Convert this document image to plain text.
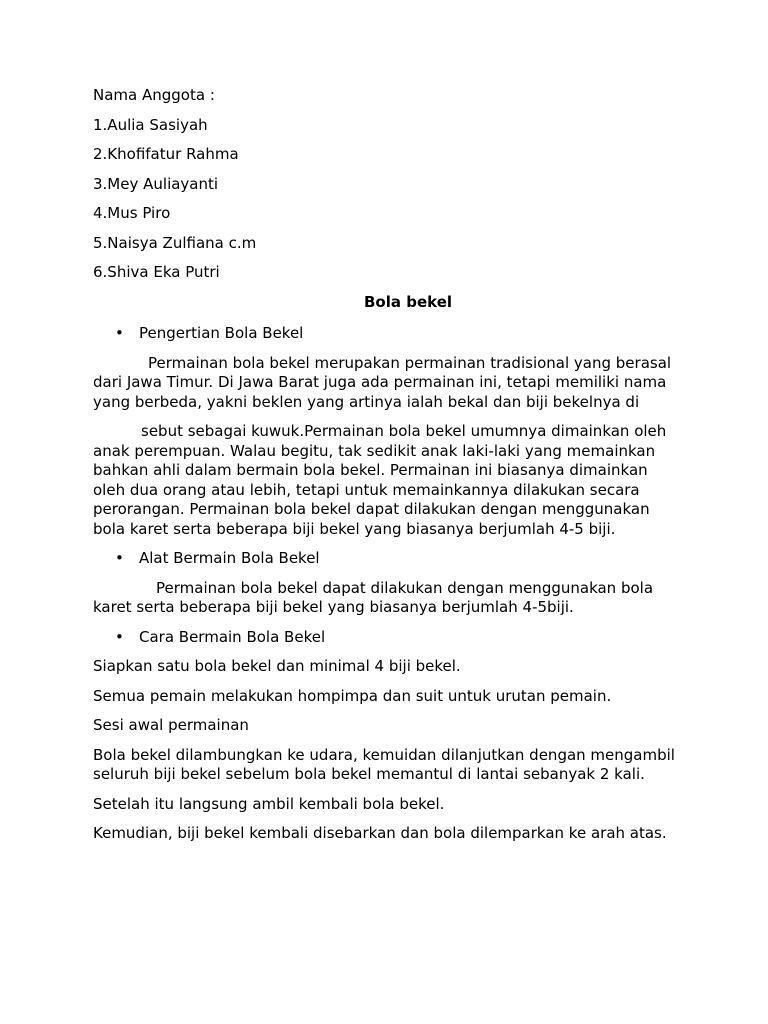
Nama Anggota :

1.Aulia Sasiyah

2.Khofifatur Rahma

3.Mey Auliayanti

4.Mus Piro

5.Naisya Zulfiana c.m

6.Shiva Eka Putri

Bola bekel

• Pengertian Bola Bekel

Permainan bola bekel merupakan permainan tradisional yang berasal dari Jawa Timur. Di Jawa Barat juga ada permainan ini, tetapi memiliki nama yang berbeda, yakni beklen yang artinya ialah bekal dan biji bekelnya di

sebut sebagai kuwuk.Permainan bola bekel umumnya dimainkan oleh anak perempuan. Walau begitu, tak sedikit anak laki-laki yang memainkan bahkan ahli dalam bermain bola bekel. Permainan ini biasanya dimainkan oleh dua orang atau lebih, tetapi untuk memainkannya dilakukan secara perorangan. Permainan bola bekel dapat dilakukan dengan menggunakan bola karet serta beberapa biji bekel yang biasanya berjumlah 4-5 biji.

• Alat Bermain Bola Bekel

Permainan bola bekel dapat dilakukan dengan menggunakan bola karet serta beberapa biji bekel yang biasanya berjumlah 4-5biji.

• Cara Bermain Bola Bekel

Siapkan satu bola bekel dan minimal 4 biji bekel.

Semua pemain melakukan hompimpa dan suit untuk urutan pemain.

Sesi awal permainan

Bola bekel dilambungkan ke udara, kemuidan dilanjutkan dengan mengambil seluruh biji bekel sebelum bola bekel memantul di lantai sebanyak 2 kali.

Setelah itu langsung ambil kembali bola bekel.

Kemudian, biji bekel kembali disebarkan dan bola dilemparkan ke arah atas.
